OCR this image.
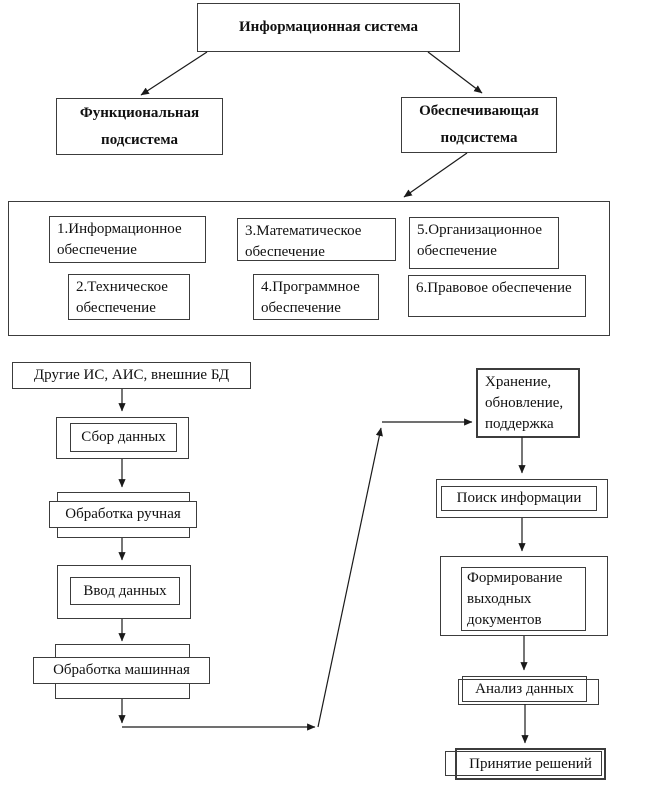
Информационная система
Функциональная подсистема
Обеспечивающая подсистема
1.Информационное обеспечение
2.Техническое обеспечение
3.Математическое обеспечение
4.Программное обеспечение
5.Организационное обеспечение
6.Правовое обеспечение
Другие ИС, АИС, внешние БД
Сбор данных
Обработка ручная
Ввод данных
Обработка машинная
Хранение, обновление, поддержка
Поиск информации
Формирование выходных документов
Анализ данных
Принятие решений
